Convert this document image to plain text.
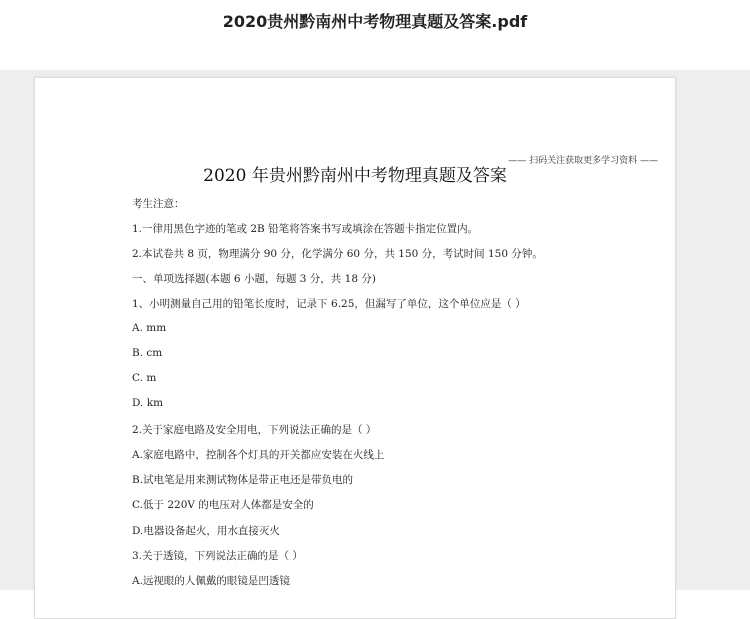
2020贵州黔南州中考物理真题及答案.pdf
—— 扫码关注获取更多学习资料 ——
2020 年贵州黔南州中考物理真题及答案
考生注意：
1.一律用黑色字迹的笔或 2B 铅笔将答案书写或填涂在答题卡指定位置内。
2.本试卷共 8 页，物理满分 90 分，化学满分 60 分，共 150 分，考试时间 150 分钟。
一、单项选择题(本题 6 小题，每题 3 分，共 18 分)
1、小明测量自己用的铅笔长度时，记录下 6.25，但漏写了单位，这个单位应是（ ）
A. mm
B. cm
C. m
D. km
2.关于家庭电路及安全用电，下列说法正确的是（ ）
A.家庭电路中，控制各个灯具的开关都应安装在火线上
B.试电笔是用来测试物体是带正电还是带负电的
C.低于 220V 的电压对人体都是安全的
D.电器设备起火，用水直接灭火
3.关于透镜，下列说法正确的是（ ）
A.远视眼的人佩戴的眼镜是凹透镜
